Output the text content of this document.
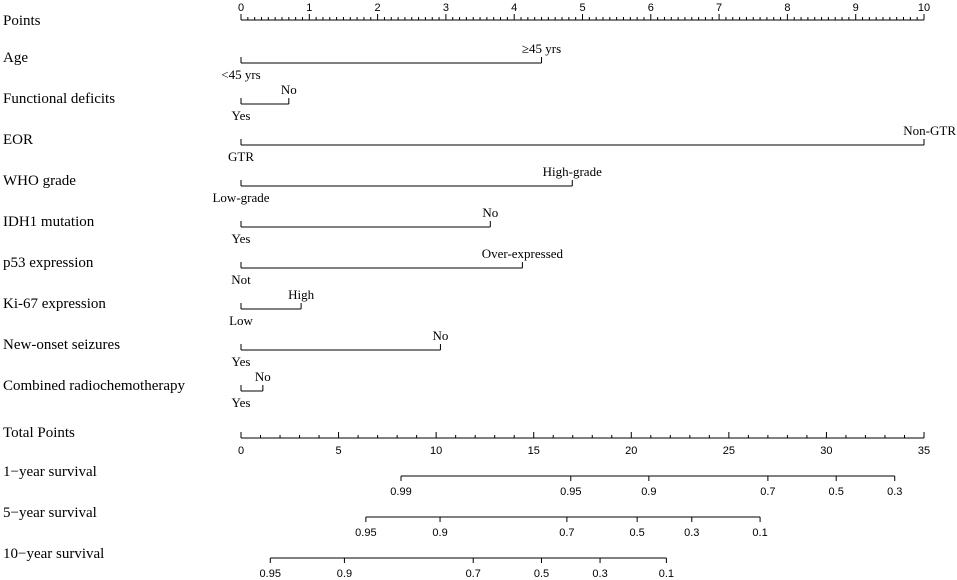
Points
0	1	2	3	4	5	6	7	8	9	10
Age
<45 yrs
≥45 yrs
Functional deficits
Yes
No
EOR
GTR
Non-GTR
WHO grade
Low-grade
High-grade
IDH1 mutation
Yes
No
p53 expression
Not
Over-expressed
Ki-67 expression
Low
High
New-onset seizures
Yes
No
Combined radiochemotherapy
Yes
No
Total Points
0	5	10	15	20	25	30	35
1−year survival
0.99	0.95	0.9	0.7	0.5	0.3
5−year survival
0.95	0.9	0.7	0.5	0.3	0.1
10−year survival
0.95	0.9	0.7	0.5	0.3	0.1
